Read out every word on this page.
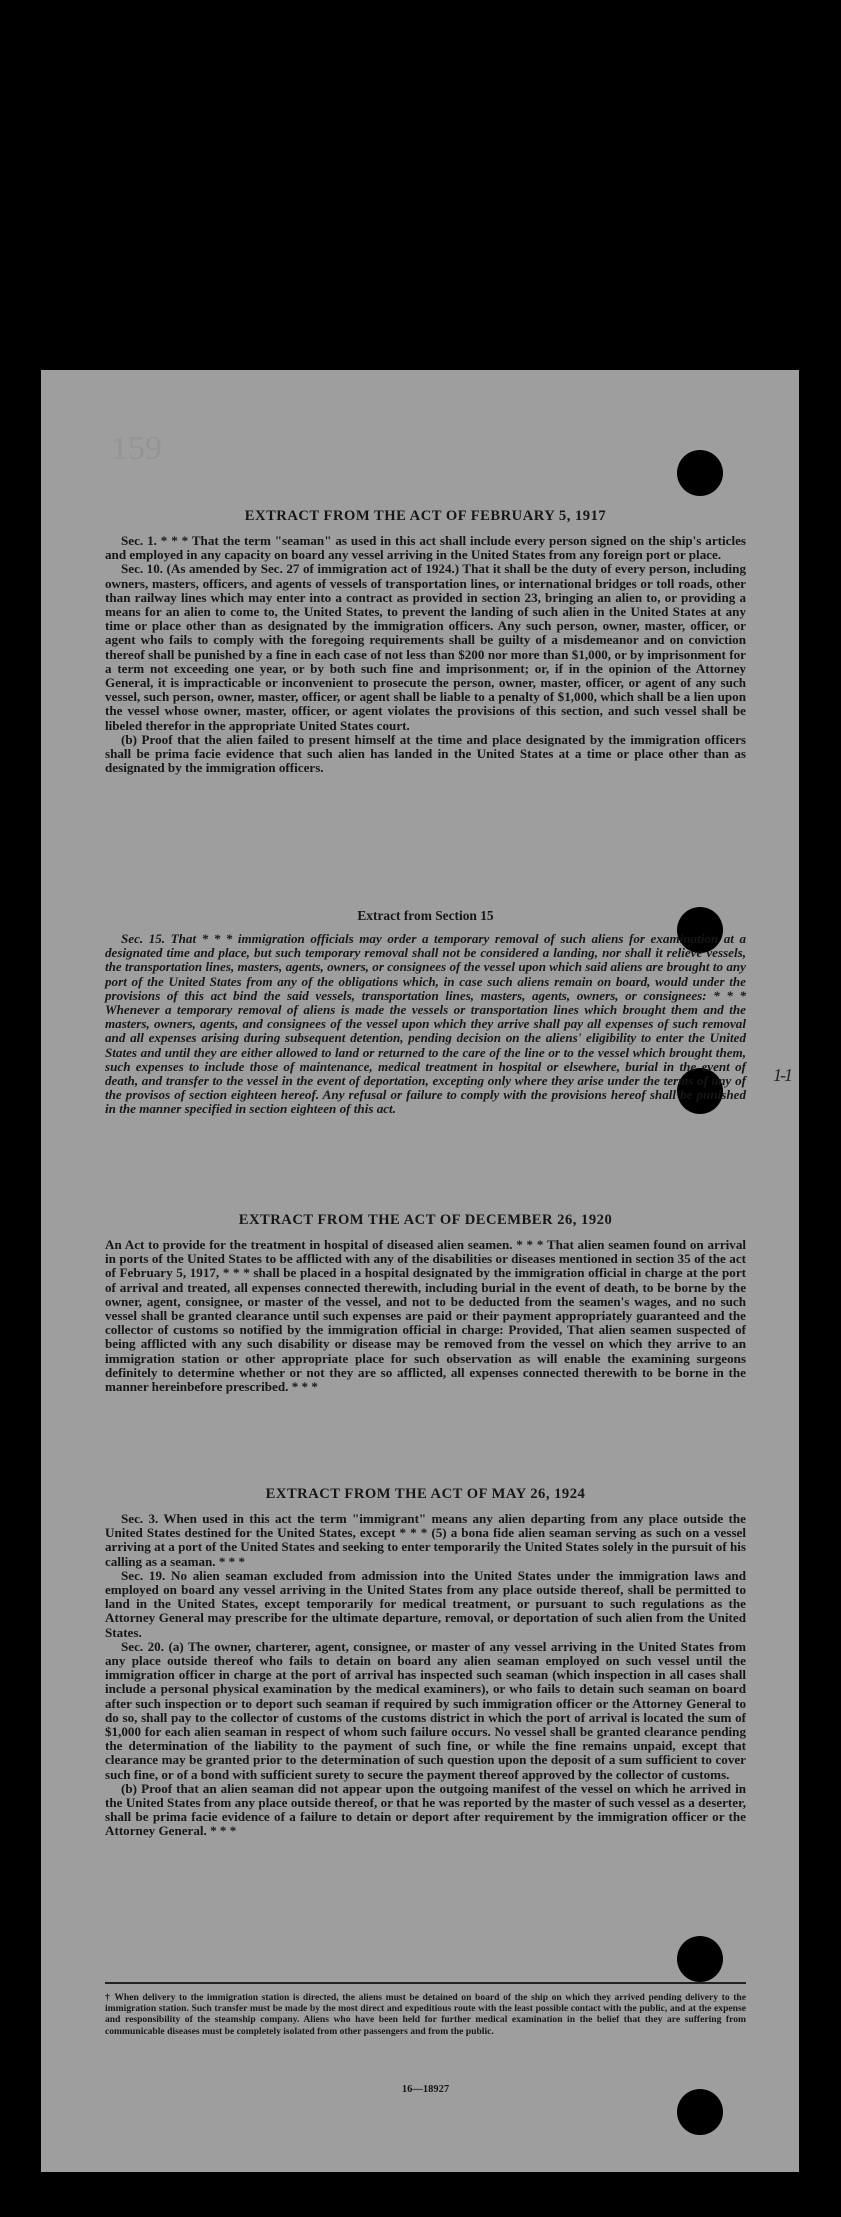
159
1-1
EXTRACT FROM THE ACT OF FEBRUARY 5, 1917

Sec. 1. * * * That the term "seaman" as used in this act shall include every person signed on the ship's articles and employed in any capacity on board any vessel arriving in the United States from any foreign port or place.

Sec. 10. (As amended by Sec. 27 of immigration act of 1924.) That it shall be the duty of every person, including owners, masters, officers, and agents of vessels of transportation lines, or international bridges or toll roads, other than railway lines which may enter into a contract as provided in section 23, bringing an alien to, or providing a means for an alien to come to, the United States, to prevent the landing of such alien in the United States at any time or place other than as designated by the immigration officers. Any such person, owner, master, officer, or agent who fails to comply with the foregoing requirements shall be guilty of a misdemeanor and on conviction thereof shall be punished by a fine in each case of not less than $200 nor more than $1,000, or by imprisonment for a term not exceeding one year, or by both such fine and imprisonment; or, if in the opinion of the Attorney General, it is impracticable or inconvenient to prosecute the person, owner, master, officer, or agent of any such vessel, such person, owner, master, officer, or agent shall be liable to a penalty of $1,000, which shall be a lien upon the vessel whose owner, master, officer, or agent violates the provisions of this section, and such vessel shall be libeled therefor in the appropriate United States court.

(b) Proof that the alien failed to present himself at the time and place designated by the immigration officers shall be prima facie evidence that such alien has landed in the United States at a time or place other than as designated by the immigration officers.

Extract from Section 15

Sec. 15. That * * * immigration officials may order a temporary removal of such aliens for examination at a designated time and place, but such temporary removal shall not be considered a landing, nor shall it relieve vessels, the transportation lines, masters, agents, owners, or consignees of the vessel upon which said aliens are brought to any port of the United States from any of the obligations which, in case such aliens remain on board, would under the provisions of this act bind the said vessels, transportation lines, masters, agents, owners, or consignees: * * * Whenever a temporary removal of aliens is made the vessels or transportation lines which brought them and the masters, owners, agents, and consignees of the vessel upon which they arrive shall pay all expenses of such removal and all expenses arising during subsequent detention, pending decision on the aliens' eligibility to enter the United States and until they are either allowed to land or returned to the care of the line or to the vessel which brought them, such expenses to include those of maintenance, medical treatment in hospital or elsewhere, burial in the event of death, and transfer to the vessel in the event of deportation, excepting only where they arise under the terms of any of the provisos of section eighteen hereof. Any refusal or failure to comply with the provisions hereof shall be punished in the manner specified in section eighteen of this act.

EXTRACT FROM THE ACT OF DECEMBER 26, 1920

An Act to provide for the treatment in hospital of diseased alien seamen. * * * That alien seamen found on arrival in ports of the United States to be afflicted with any of the disabilities or diseases mentioned in section 35 of the act of February 5, 1917, * * * shall be placed in a hospital designated by the immigration official in charge at the port of arrival and treated, all expenses connected therewith, including burial in the event of death, to be borne by the owner, agent, consignee, or master of the vessel, and not to be deducted from the seamen's wages, and no such vessel shall be granted clearance until such expenses are paid or their payment appropriately guaranteed and the collector of customs so notified by the immigration official in charge: Provided, That alien seamen suspected of being afflicted with any such disability or disease may be removed from the vessel on which they arrive to an immigration station or other appropriate place for such observation as will enable the examining surgeons definitely to determine whether or not they are so afflicted, all expenses connected therewith to be borne in the manner hereinbefore prescribed. * * *

EXTRACT FROM THE ACT OF MAY 26, 1924

Sec. 3. When used in this act the term "immigrant" means any alien departing from any place outside the United States destined for the United States, except * * * (5) a bona fide alien seaman serving as such on a vessel arriving at a port of the United States and seeking to enter temporarily the United States solely in the pursuit of his calling as a seaman. * * *

Sec. 19. No alien seaman excluded from admission into the United States under the immigration laws and employed on board any vessel arriving in the United States from any place outside thereof, shall be permitted to land in the United States, except temporarily for medical treatment, or pursuant to such regulations as the Attorney General may prescribe for the ultimate departure, removal, or deportation of such alien from the United States.

Sec. 20. (a) The owner, charterer, agent, consignee, or master of any vessel arriving in the United States from any place outside thereof who fails to detain on board any alien seaman employed on such vessel until the immigration officer in charge at the port of arrival has inspected such seaman (which inspection in all cases shall include a personal physical examination by the medical examiners), or who fails to detain such seaman on board after such inspection or to deport such seaman if required by such immigration officer or the Attorney General to do so, shall pay to the collector of customs of the customs district in which the port of arrival is located the sum of $1,000 for each alien seaman in respect of whom such failure occurs. No vessel shall be granted clearance pending the determination of the liability to the payment of such fine, or while the fine remains unpaid, except that clearance may be granted prior to the determination of such question upon the deposit of a sum sufficient to cover such fine, or of a bond with sufficient surety to secure the payment thereof approved by the collector of customs.

(b) Proof that an alien seaman did not appear upon the outgoing manifest of the vessel on which he arrived in the United States from any place outside thereof, or that he was reported by the master of such vessel as a deserter, shall be prima facie evidence of a failure to detain or deport after requirement by the immigration officer or the Attorney General. * * *

† When delivery to the immigration station is directed, the aliens must be detained on board of the ship on which they arrived pending delivery to the immigration station. Such transfer must be made by the most direct and expeditious route with the least possible contact with the public, and at the expense and responsibility of the steamship company. Aliens who have been held for further medical examination in the belief that they are suffering from communicable diseases must be completely isolated from other passengers and from the public.

16—18927
